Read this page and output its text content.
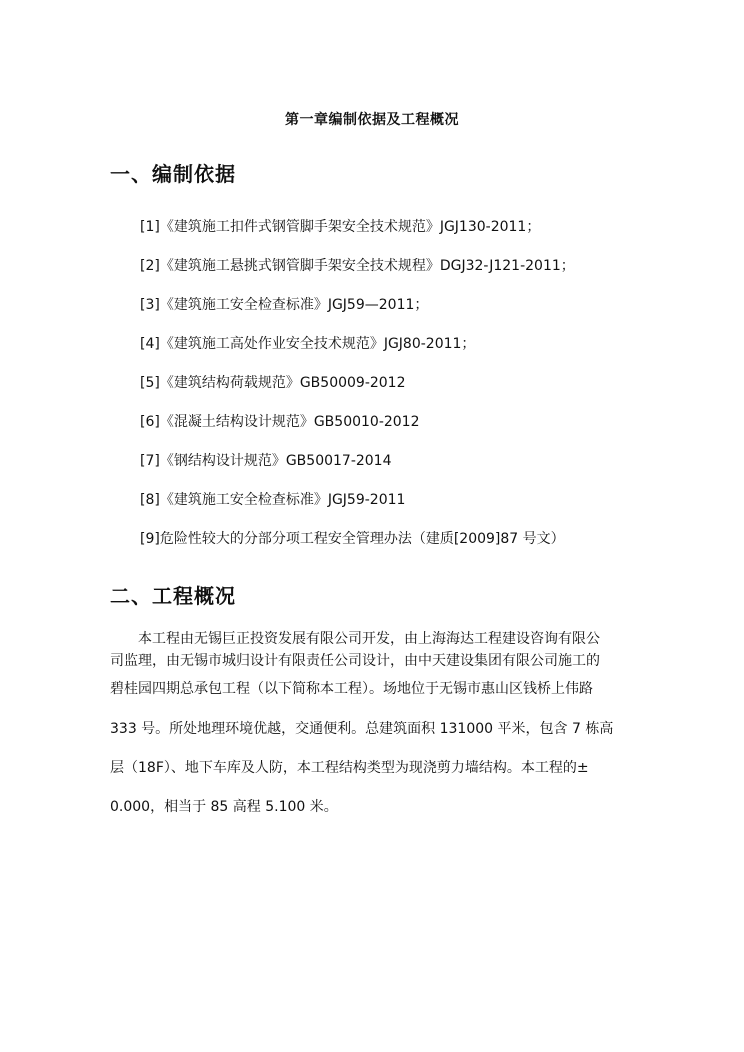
第一章编制依据及工程概况
一、编制依据
[1]《建筑施工扣件式钢管脚手架安全技术规范》JGJ130-2011；
[2]《建筑施工悬挑式钢管脚手架安全技术规程》DGJ32-J121-2011；
[3]《建筑施工安全检查标准》JGJ59—2011；
[4]《建筑施工高处作业安全技术规范》JGJ80-2011；
[5]《建筑结构荷载规范》GB50009-2012
[6]《混凝土结构设计规范》GB50010-2012
[7]《钢结构设计规范》GB50017-2014
[8]《建筑施工安全检查标准》JGJ59-2011
[9]危险性较大的分部分项工程安全管理办法（建质[2009]87 号文）
二、工程概况
本工程由无锡巨正投资发展有限公司开发，由上海海达工程建设咨询有限公
司监理，由无锡市城归设计有限责任公司设计，由中天建设集团有限公司施工的
碧桂园四期总承包工程（以下简称本工程）。场地位于无锡市惠山区钱桥上伟路
333 号。所处地理环境优越，交通便利。总建筑面积 131000 平米，包含 7 栋高
层（18F）、地下车库及人防，本工程结构类型为现浇剪力墙结构。本工程的±
0.000，相当于 85 高程 5.100 米。
